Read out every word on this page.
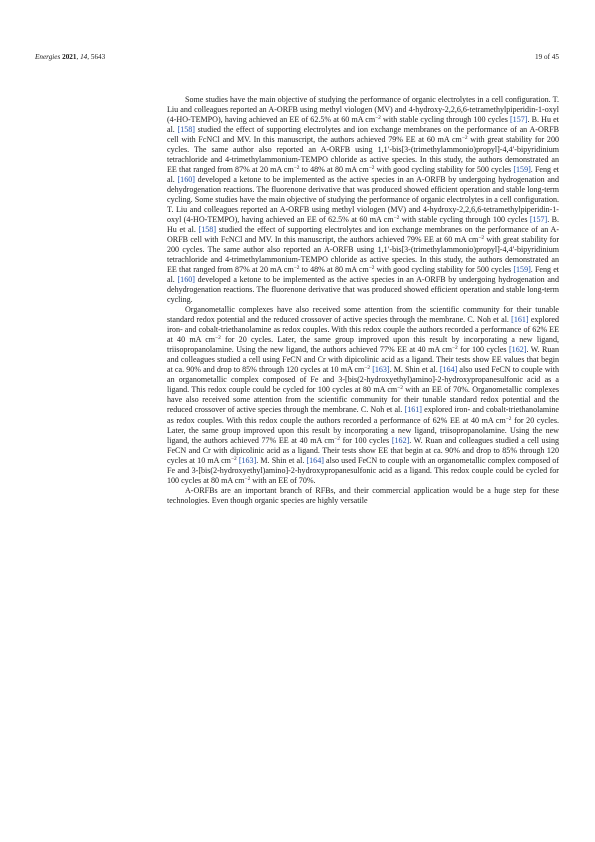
Energies 2021, 14, 5643	19 of 45

Some studies have the main objective of studying the performance of organic electrolytes in a cell configuration. T. Liu and colleagues reported an A-ORFB using methyl viologen (MV) and 4-hydroxy-2,2,6,6-tetramethylpiperidin-1-oxyl (4-HO-TEMPO), having achieved an EE of 62.5% at 60 mA $cm^{-2}$ with stable cycling through 100 cycles [157]. B. Hu et al. [158] studied the effect of supporting electrolytes and ion exchange membranes on the performance of an A-ORFB cell with FcNCl and MV. In this manuscript, the authors achieved 79% EE at 60 mA $cm^{-2}$ with great stability for 200 cycles. The same author also reported an A-ORFB using 1,1′-bis[3-(trimethylammonio)propyl]-4,4′-bipyridinium tetrachloride and 4-trimethylammonium-TEMPO chloride as active species. In this study, the authors demonstrated an EE that ranged from 87% at 20 mA $cm^{-2}$ to 48% at 80 mA $cm^{-2}$ with good cycling stability for 500 cycles [159]. Feng et al. [160] developed a ketone to be implemented as the active species in an A-ORFB by undergoing hydrogenation and dehydrogenation reactions. The fluorenone derivative that was produced showed efficient operation and stable long-term cycling. Some studies have the main objective of studying the performance of organic electrolytes in a cell configuration. T. Liu and colleagues reported an A-ORFB using methyl viologen (MV) and 4-hydroxy-2,2,6,6-tetramethylpiperidin-1-oxyl (4-HO-TEMPO), having achieved an EE of 62.5% at 60 mA $cm^{-2}$ with stable cycling through 100 cycles [157]. B. Hu et al. [158] studied the effect of supporting electrolytes and ion exchange membranes on the performance of an A-ORFB cell with FcNCl and MV. In this manuscript, the authors achieved 79% EE at 60 mA $cm^{-2}$ with great stability for 200 cycles. The same author also reported an A-ORFB using 1,1′-bis[3-(trimethylammonio)propyl]-4,4′-bipyridinium tetrachloride and 4-trimethylammonium-TEMPO chloride as active species. In this study, the authors demonstrated an EE that ranged from 87% at 20 mA $cm^{-2}$ to 48% at 80 mA $cm^{-2}$ with good cycling stability for 500 cycles [159]. Feng et al. [160] developed a ketone to be implemented as the active species in an A-ORFB by undergoing hydrogenation and dehydrogenation reactions. The fluorenone derivative that was produced showed efficient operation and stable long-term cycling.

Organometallic complexes have also received some attention from the scientific community for their tunable standard redox potential and the reduced crossover of active species through the membrane. C. Noh et al. [161] explored iron- and cobalt-triethanolamine as redox couples. With this redox couple the authors recorded a performance of 62% EE at 40 mA $cm^{-2}$ for 20 cycles. Later, the same group improved upon this result by incorporating a new ligand, triisopropanolamine. Using the new ligand, the authors achieved 77% EE at 40 mA $cm^{-2}$ for 100 cycles [162]. W. Ruan and colleagues studied a cell using FeCN and Cr with dipicolinic acid as a ligand. Their tests show EE values that begin at ca. 90% and drop to 85% through 120 cycles at 10 mA $cm^{-2}$ [163]. M. Shin et al. [164] also used FeCN to couple with an organometallic complex composed of Fe and 3-[bis(2-hydroxyethyl)amino]-2-hydroxypropanesulfonic acid as a ligand. This redox couple could be cycled for 100 cycles at 80 mA $cm^{-2}$ with an EE of 70%. Organometallic complexes have also received some attention from the scientific community for their tunable standard redox potential and the reduced crossover of active species through the membrane. C. Noh et al. [161] explored iron- and cobalt-triethanolamine as redox couples. With this redox couple the authors recorded a performance of 62% EE at 40 mA $cm^{-2}$ for 20 cycles. Later, the same group improved upon this result by incorporating a new ligand, triisopropanolamine. Using the new ligand, the authors achieved 77% EE at 40 mA $cm^{-2}$ for 100 cycles [162]. W. Ruan and colleagues studied a cell using FeCN and Cr with dipicolinic acid as a ligand. Their tests show EE that begin at ca. 90% and drop to 85% through 120 cycles at 10 mA $cm^{-2}$ [163]. M. Shin et al. [164] also used FeCN to couple with an organometallic complex composed of Fe and 3-[bis(2-hydroxyethyl)amino]-2-hydroxypropanesulfonic acid as a ligand. This redox couple could be cycled for 100 cycles at 80 mA $cm^{-2}$ with an EE of 70%.

A-ORFBs are an important branch of RFBs, and their commercial application would be a huge step for these technologies. Even though organic species are highly versatile
